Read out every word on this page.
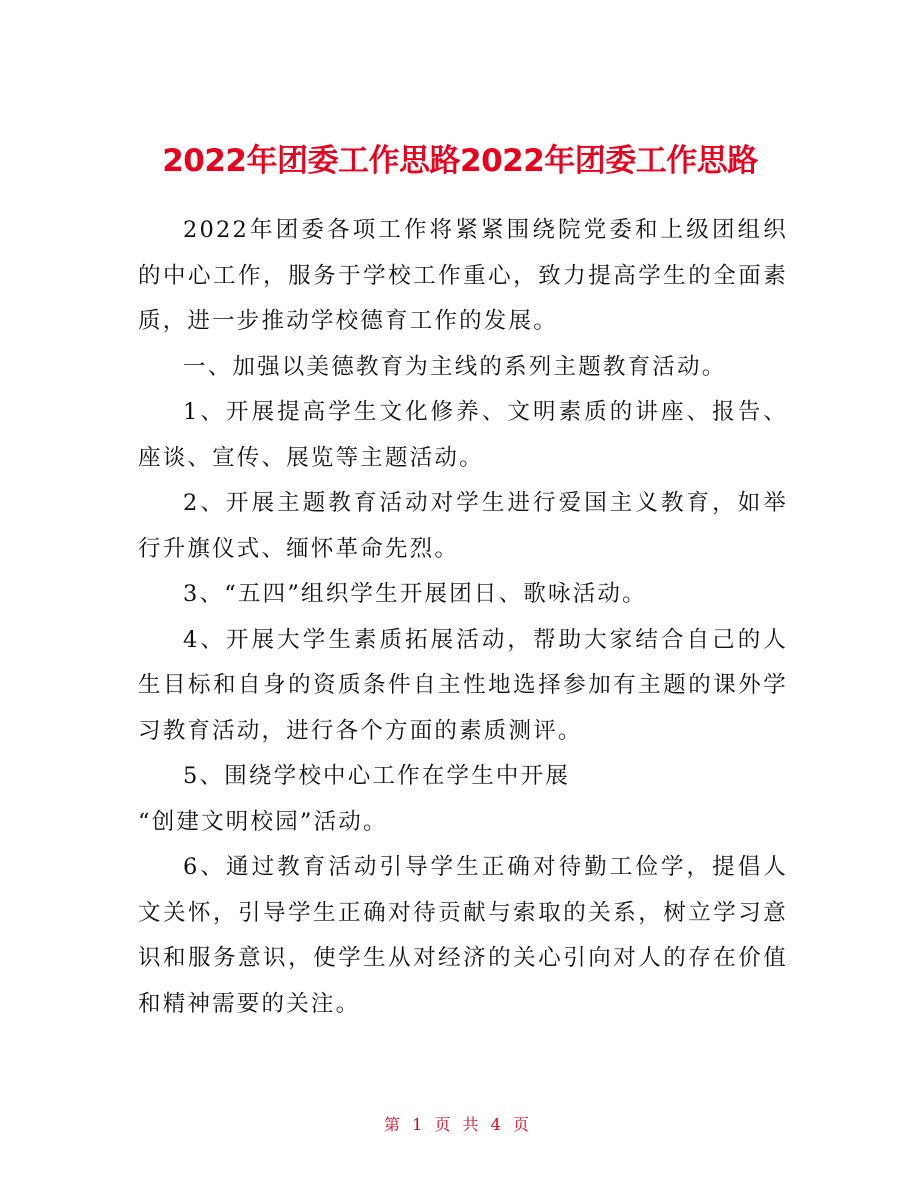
2022年团委工作思路2022年团委工作思路

2022年团委各项工作将紧紧围绕院党委和上级团组织的中心工作，服务于学校工作重心，致力提高学生的全面素质，进一步推动学校德育工作的发展。

一、加强以美德教育为主线的系列主题教育活动。

1、开展提高学生文化修养、文明素质的讲座、报告、座谈、宣传、展览等主题活动。

2、开展主题教育活动对学生进行爱国主义教育，如举行升旗仪式、缅怀革命先烈。

3、“五四”组织学生开展团日、歌咏活动。

4、开展大学生素质拓展活动，帮助大家结合自己的人生目标和自身的资质条件自主性地选择参加有主题的课外学习教育活动，进行各个方面的素质测评。

5、围绕学校中心工作在学生中开展

“创建文明校园”活动。

6、通过教育活动引导学生正确对待勤工俭学，提倡人文关怀，引导学生正确对待贡献与索取的关系，树立学习意识和服务意识，使学生从对经济的关心引向对人的存在价值和精神需要的关注。

第 1 页 共 4 页
